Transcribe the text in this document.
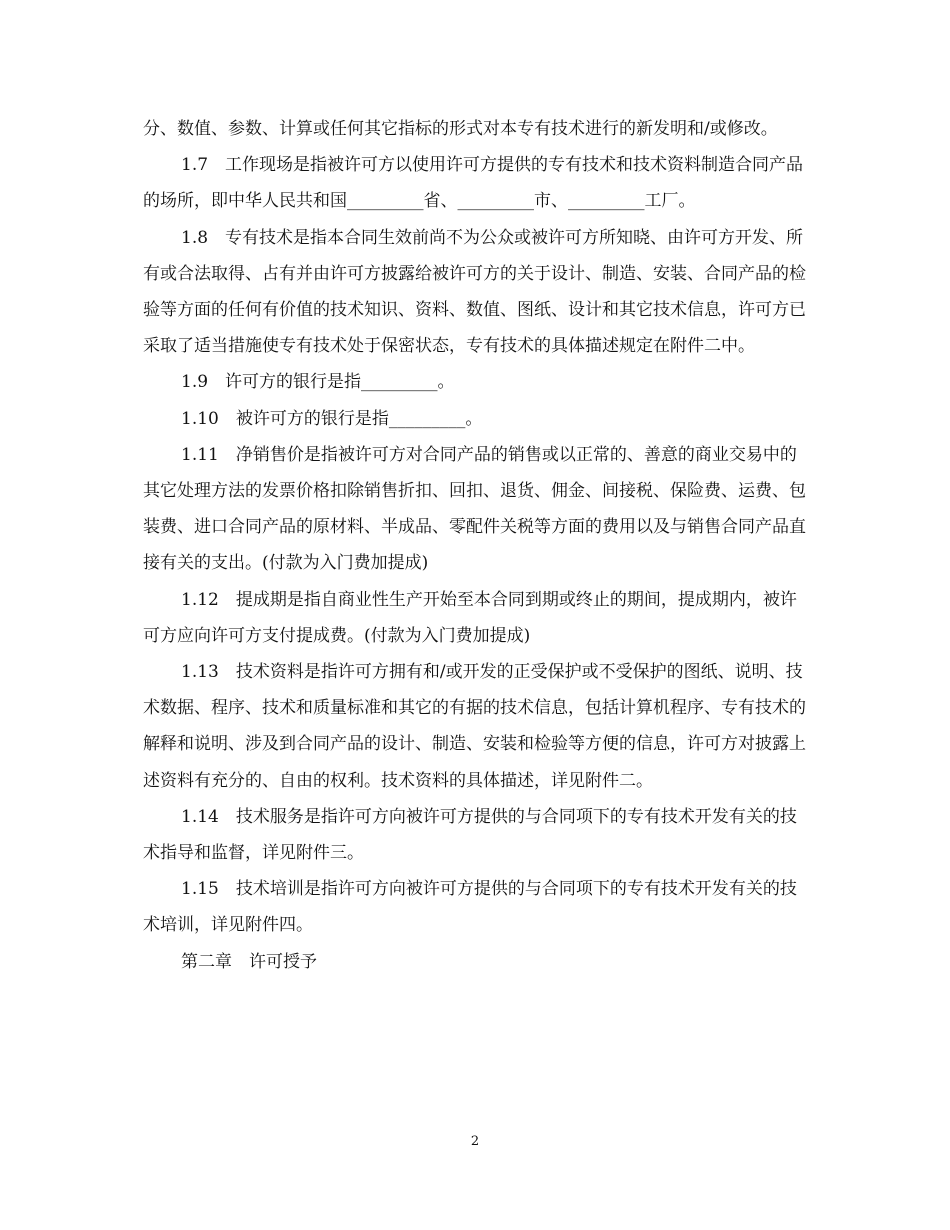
分、数值、参数、计算或任何其它指标的形式对本专有技术进行的新发明和/或修改。

1.7　工作现场是指被许可方以使用许可方提供的专有技术和技术资料制造合同产品的场所，即中华人民共和国_________省、_________市、_________工厂。

1.8　专有技术是指本合同生效前尚不为公众或被许可方所知晓、由许可方开发、所有或合法取得、占有并由许可方披露给被许可方的关于设计、制造、安装、合同产品的检验等方面的任何有价值的技术知识、资料、数值、图纸、设计和其它技术信息，许可方已采取了适当措施使专有技术处于保密状态，专有技术的具体描述规定在附件二中。

1.9　许可方的银行是指_________。

1.10　被许可方的银行是指_________。

1.11　净销售价是指被许可方对合同产品的销售或以正常的、善意的商业交易中的其它处理方法的发票价格扣除销售折扣、回扣、退货、佣金、间接税、保险费、运费、包装费、进口合同产品的原材料、半成品、零配件关税等方面的费用以及与销售合同产品直接有关的支出。(付款为入门费加提成)

1.12　提成期是指自商业性生产开始至本合同到期或终止的期间，提成期内，被许可方应向许可方支付提成费。(付款为入门费加提成)

1.13　技术资料是指许可方拥有和/或开发的正受保护或不受保护的图纸、说明、技术数据、程序、技术和质量标准和其它的有据的技术信息，包括计算机程序、专有技术的解释和说明、涉及到合同产品的设计、制造、安装和检验等方便的信息，许可方对披露上述资料有充分的、自由的权利。技术资料的具体描述，详见附件二。

1.14　技术服务是指许可方向被许可方提供的与合同项下的专有技术开发有关的技术指导和监督，详见附件三。

1.15　技术培训是指许可方向被许可方提供的与合同项下的专有技术开发有关的技术培训，详见附件四。

第二章　许可授予

2
